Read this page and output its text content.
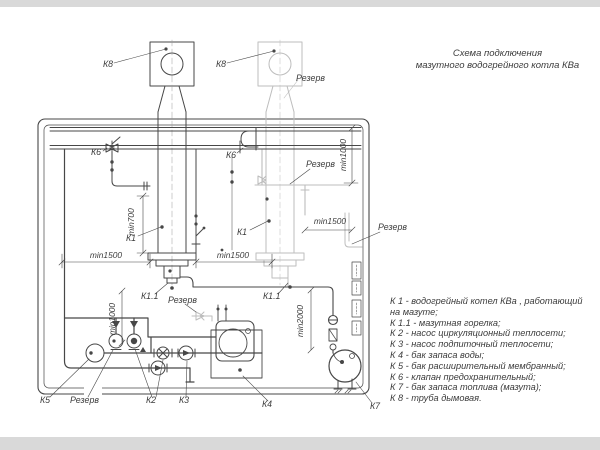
Схема подключения
мазутного водогрейного котла КВа
К 1 - водогрейный котел КВа , работающий
на мазуте;
К 1.1 - мазутная горелка;
К 2 - насос циркуляционный теплосети;
К 3 - насос подпиточный теплосети;
К 4 - бак запаса воды;
К 5 - бак расширительный мембранный;
К 6 - клапан предохранительный;
К 7 - бак запаса топлива (мазута);
К 8 - труба дымовая.
К8	К8
К6	К6
К1
К1
К1.1	К1.1
К2	К3	К4
К5
К7
Резерв
Резерв
Резерв
Резерв
Резерв
min1500	min1500
min1500
min700
min1000
min1000	min2000
